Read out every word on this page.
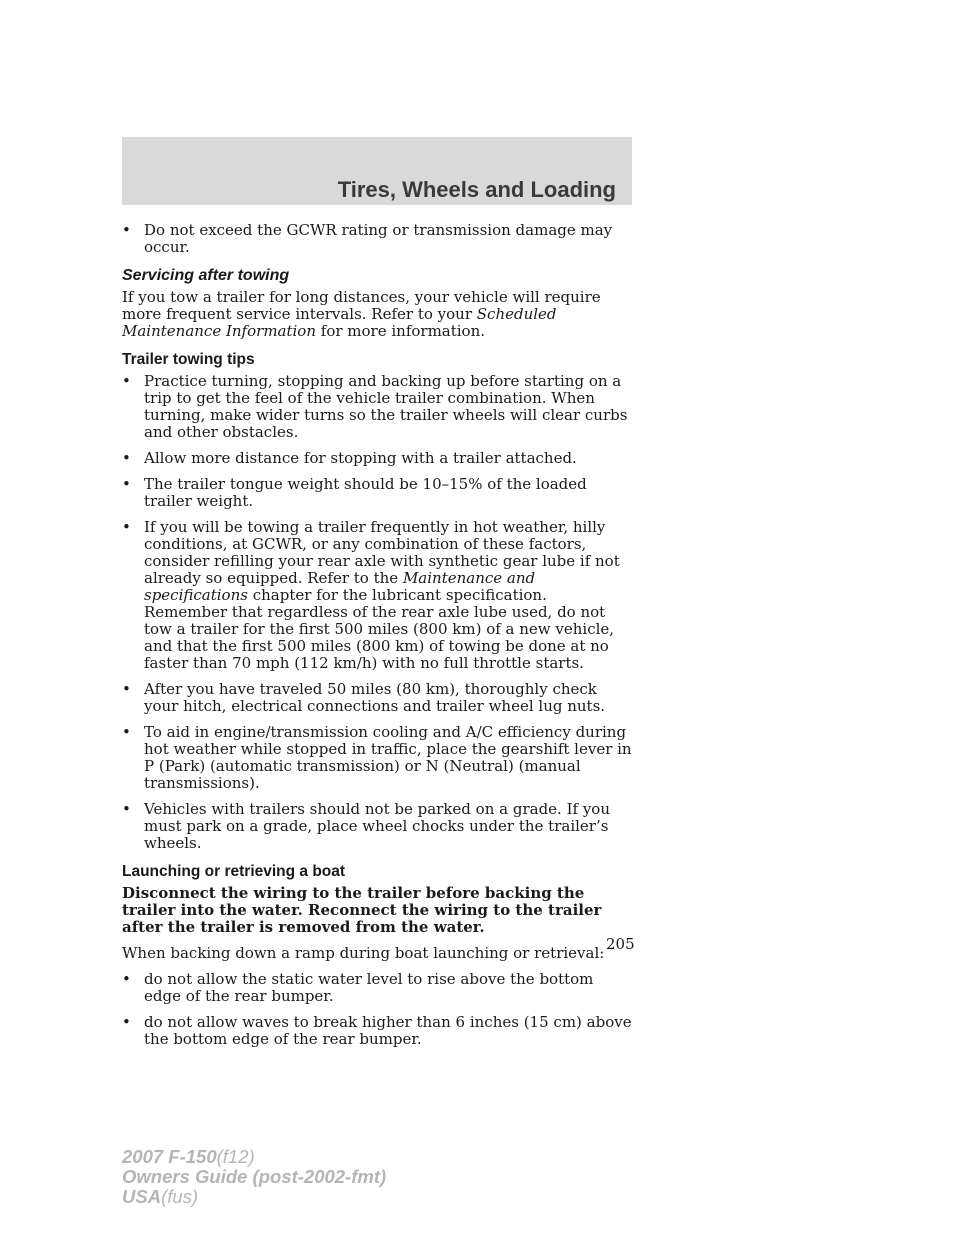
Tires, Wheels and Loading
• Do not exceed the GCWR rating or transmission damage may occur.
Servicing after towing

If you tow a trailer for long distances, your vehicle will require more frequent service intervals. Refer to your Scheduled Maintenance Information for more information.

Trailer towing tips
• Practice turning, stopping and backing up before starting on a trip to get the feel of the vehicle trailer combination. When turning, make wider turns so the trailer wheels will clear curbs and other obstacles.
• Allow more distance for stopping with a trailer attached.
• The trailer tongue weight should be 10–15% of the loaded trailer weight.
• If you will be towing a trailer frequently in hot weather, hilly conditions, at GCWR, or any combination of these factors, consider refilling your rear axle with synthetic gear lube if not already so equipped. Refer to the Maintenance and specifications chapter for the lubricant specification. Remember that regardless of the rear axle lube used, do not tow a trailer for the first 500 miles (800 km) of a new vehicle, and that the first 500 miles (800 km) of towing be done at no faster than 70 mph (112 km/h) with no full throttle starts.
• After you have traveled 50 miles (80 km), thoroughly check your hitch, electrical connections and trailer wheel lug nuts.
• To aid in engine/transmission cooling and A/C efficiency during hot weather while stopped in traffic, place the gearshift lever in P (Park) (automatic transmission) or N (Neutral) (manual transmissions).
• Vehicles with trailers should not be parked on a grade. If you must park on a grade, place wheel chocks under the trailer’s wheels.
Launching or retrieving a boat

Disconnect the wiring to the trailer before backing the trailer into the water. Reconnect the wiring to the trailer after the trailer is removed from the water.

When backing down a ramp during boat launching or retrieval:

• do not allow the static water level to rise above the bottom edge of the rear bumper.
• do not allow waves to break higher than 6 inches (15 cm) above the bottom edge of the rear bumper.
205
2007 F-150(f12)
Owners Guide (post-2002-fmt)
USA(fus)
